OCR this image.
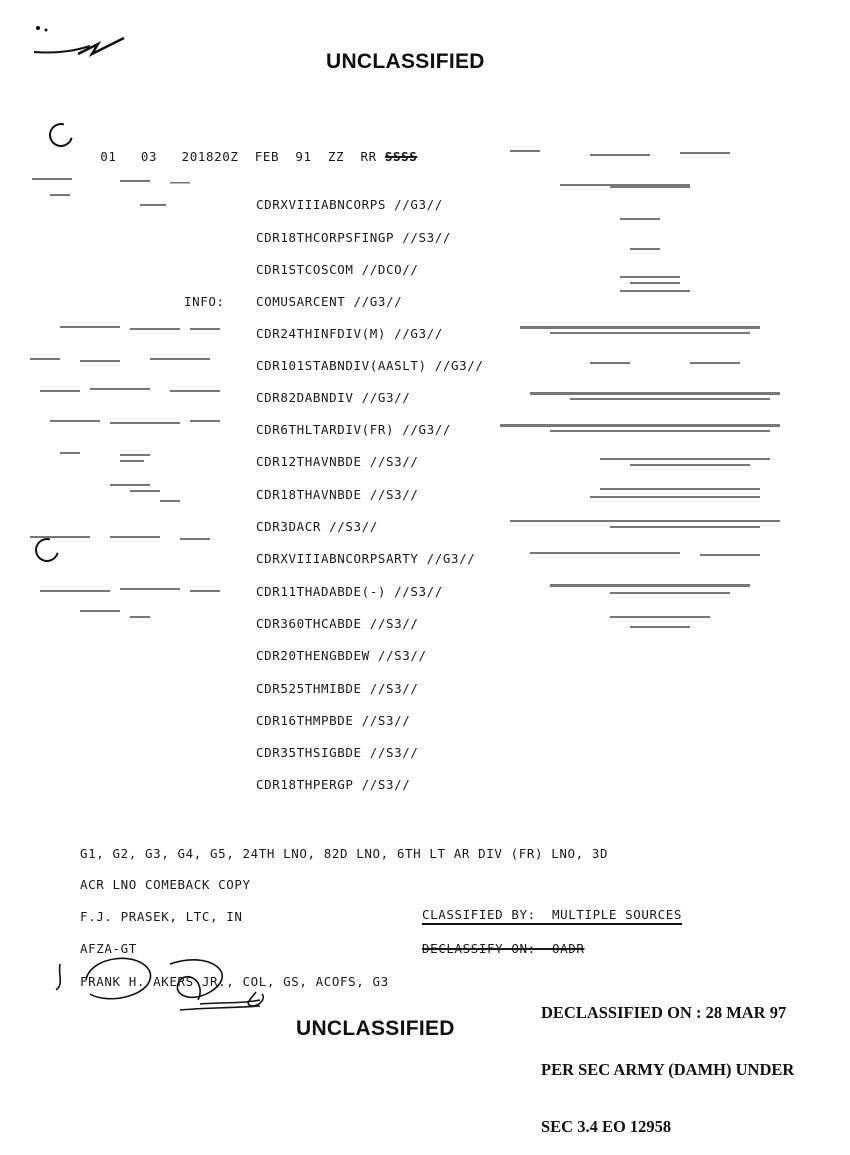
UNCLASSIFIED
UNCLASSIFIED

01 03 201820Z FEB 91 ZZ RR SSSS

INFO:
CDRXVIIIABNCORPS //G3//
CDR18THCORPSFINGP //S3//
CDR1STCOSCOM //DCO//
COMUSARCENT //G3//
CDR24THINFDIV(M) //G3//
CDR101STABNDIV(AASLT) //G3//
CDR82DABNDIV //G3//
CDR6THLTARDIV(FR) //G3//
CDR12THAVNBDE //S3//
CDR18THAVNBDE //S3//
CDR3DACR //S3//
CDRXVIIIABNCORPSARTY //G3//
CDR11THADABDE(-) //S3//
CDR360THCABDE //S3//
CDR20THENGBDEW //S3//
CDR525THMIBDE //S3//
CDR16THMPBDE //S3//
CDR35THSIGBDE //S3//
CDR18THPERGP //S3//
G1, G2, G3, G4, G5, 24TH LNO, 82D LNO, 6TH LT AR DIV (FR) LNO, 3D
ACR LNO COMEBACK COPY
F.J. PRASEK, LTC, IN	CLASSIFIED BY:  MULTIPLE SOURCES
AFZA-GT	DECLASSIFY ON:  OADR
FRANK H. AKERS JR., COL, GS, ACOFS, G3

DECLASSIFIED ON : 28 MAR 97

PER SEC ARMY (DAMH) UNDER

SEC 3.4 EO 12958
